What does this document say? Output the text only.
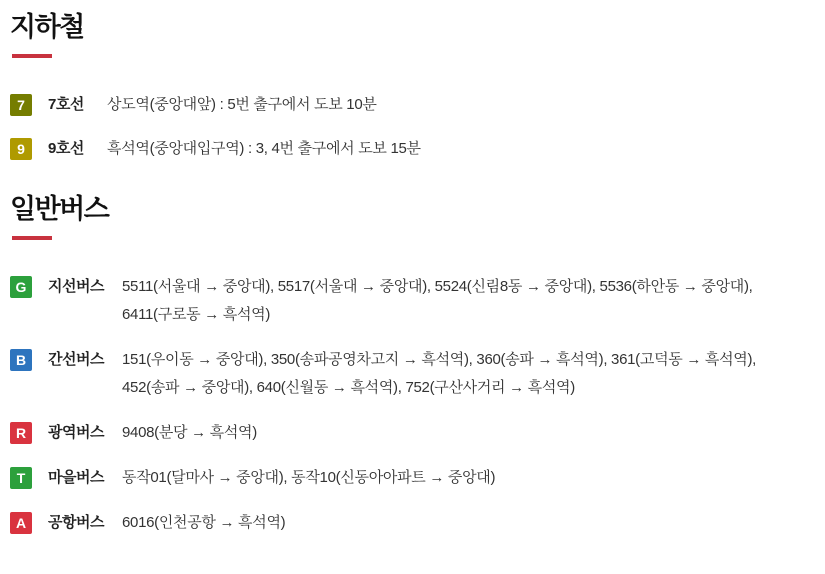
지하철
7	7호선	상도역(중앙대앞) : 5번 출구에서 도보 10분
9	9호선	흑석역(중앙대입구역) : 3, 4번 출구에서 도보 15분
일반버스
G	지선버스	5511(서울대 → 중앙대), 5517(서울대 → 중앙대), 5524(신림8동 → 중앙대), 5536(하안동 → 중앙대),
6411(구로동 → 흑석역)
B	간선버스	151(우이동 → 중앙대), 350(송파공영차고지 → 흑석역), 360(송파 → 흑석역), 361(고덕동 → 흑석역),
452(송파 → 중앙대), 640(신월동 → 흑석역), 752(구산사거리 → 흑석역)
R	광역버스	9408(분당 → 흑석역)
T	마을버스	동작01(달마사 → 중앙대), 동작10(신동아아파트 → 중앙대)
A	공항버스	6016(인천공항 → 흑석역)
